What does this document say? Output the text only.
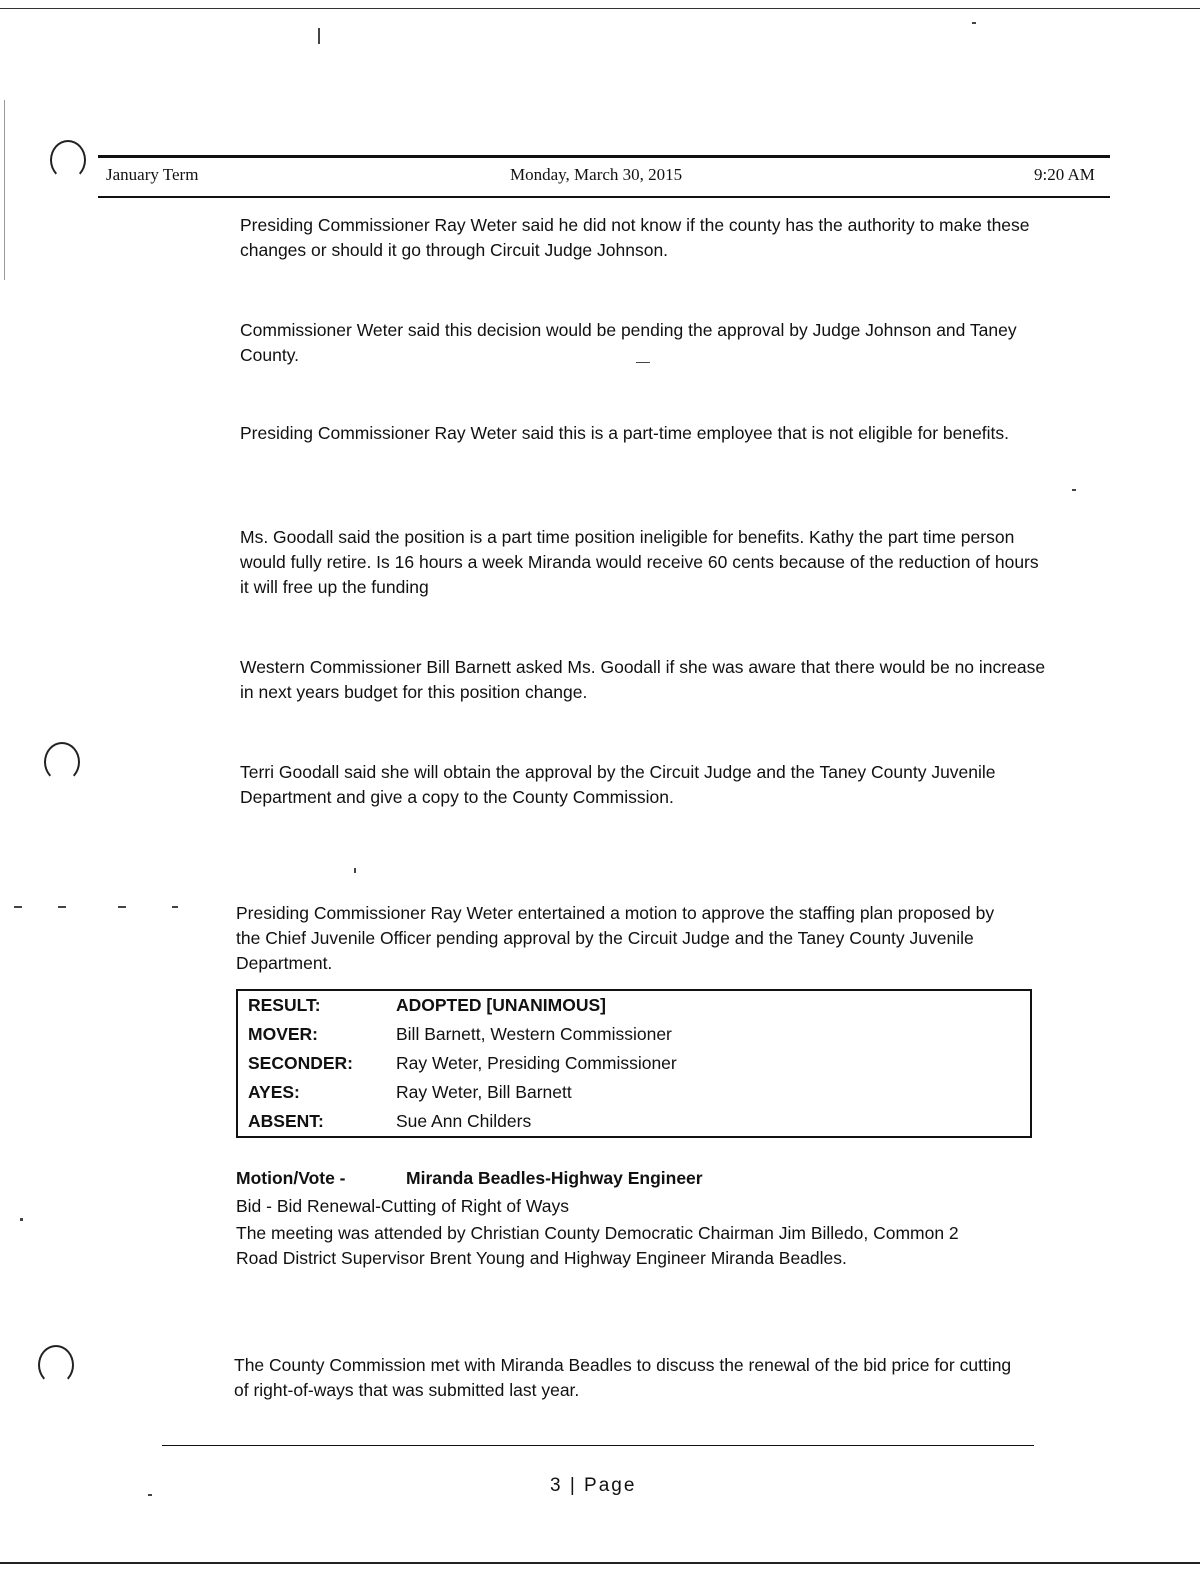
January Term	Monday, March 30, 2015	9:20 AM

Presiding Commissioner Ray Weter said he did not know if the county has the authority to make these changes or should it go through Circuit Judge Johnson.

Commissioner Weter said this decision would be pending the approval by Judge Johnson and Taney County.

Presiding Commissioner Ray Weter said this is a part-time employee that is not eligible for benefits.

Ms. Goodall said the position is a part time position ineligible for benefits. Kathy the part time person would fully retire. Is 16 hours a week Miranda would receive 60 cents because of the reduction of hours it will free up the funding

Western Commissioner Bill Barnett asked Ms. Goodall if she was aware that there would be no increase in next years budget for this position change.

Terri Goodall said she will obtain the approval by the Circuit Judge and the Taney County Juvenile Department and give a copy to the County Commission.

Presiding Commissioner Ray Weter entertained a motion to approve the staffing plan proposed by the Chief Juvenile Officer pending approval by the Circuit Judge and the Taney County Juvenile Department.

RESULT:	ADOPTED [UNANIMOUS]
MOVER:	Bill Barnett, Western Commissioner
SECONDER:	Ray Weter, Presiding Commissioner
AYES:	Ray Weter, Bill Barnett
ABSENT:	Sue Ann Childers
Motion/Vote -	Miranda Beadles-Highway Engineer

Bid - Bid Renewal-Cutting of Right of Ways

The meeting was attended by Christian County Democratic Chairman Jim Billedo, Common 2 Road District Supervisor Brent Young and Highway Engineer Miranda Beadles.

The County Commission met with Miranda Beadles to discuss the renewal of the bid price for cutting of right-of-ways that was submitted last year.

3 | Page
